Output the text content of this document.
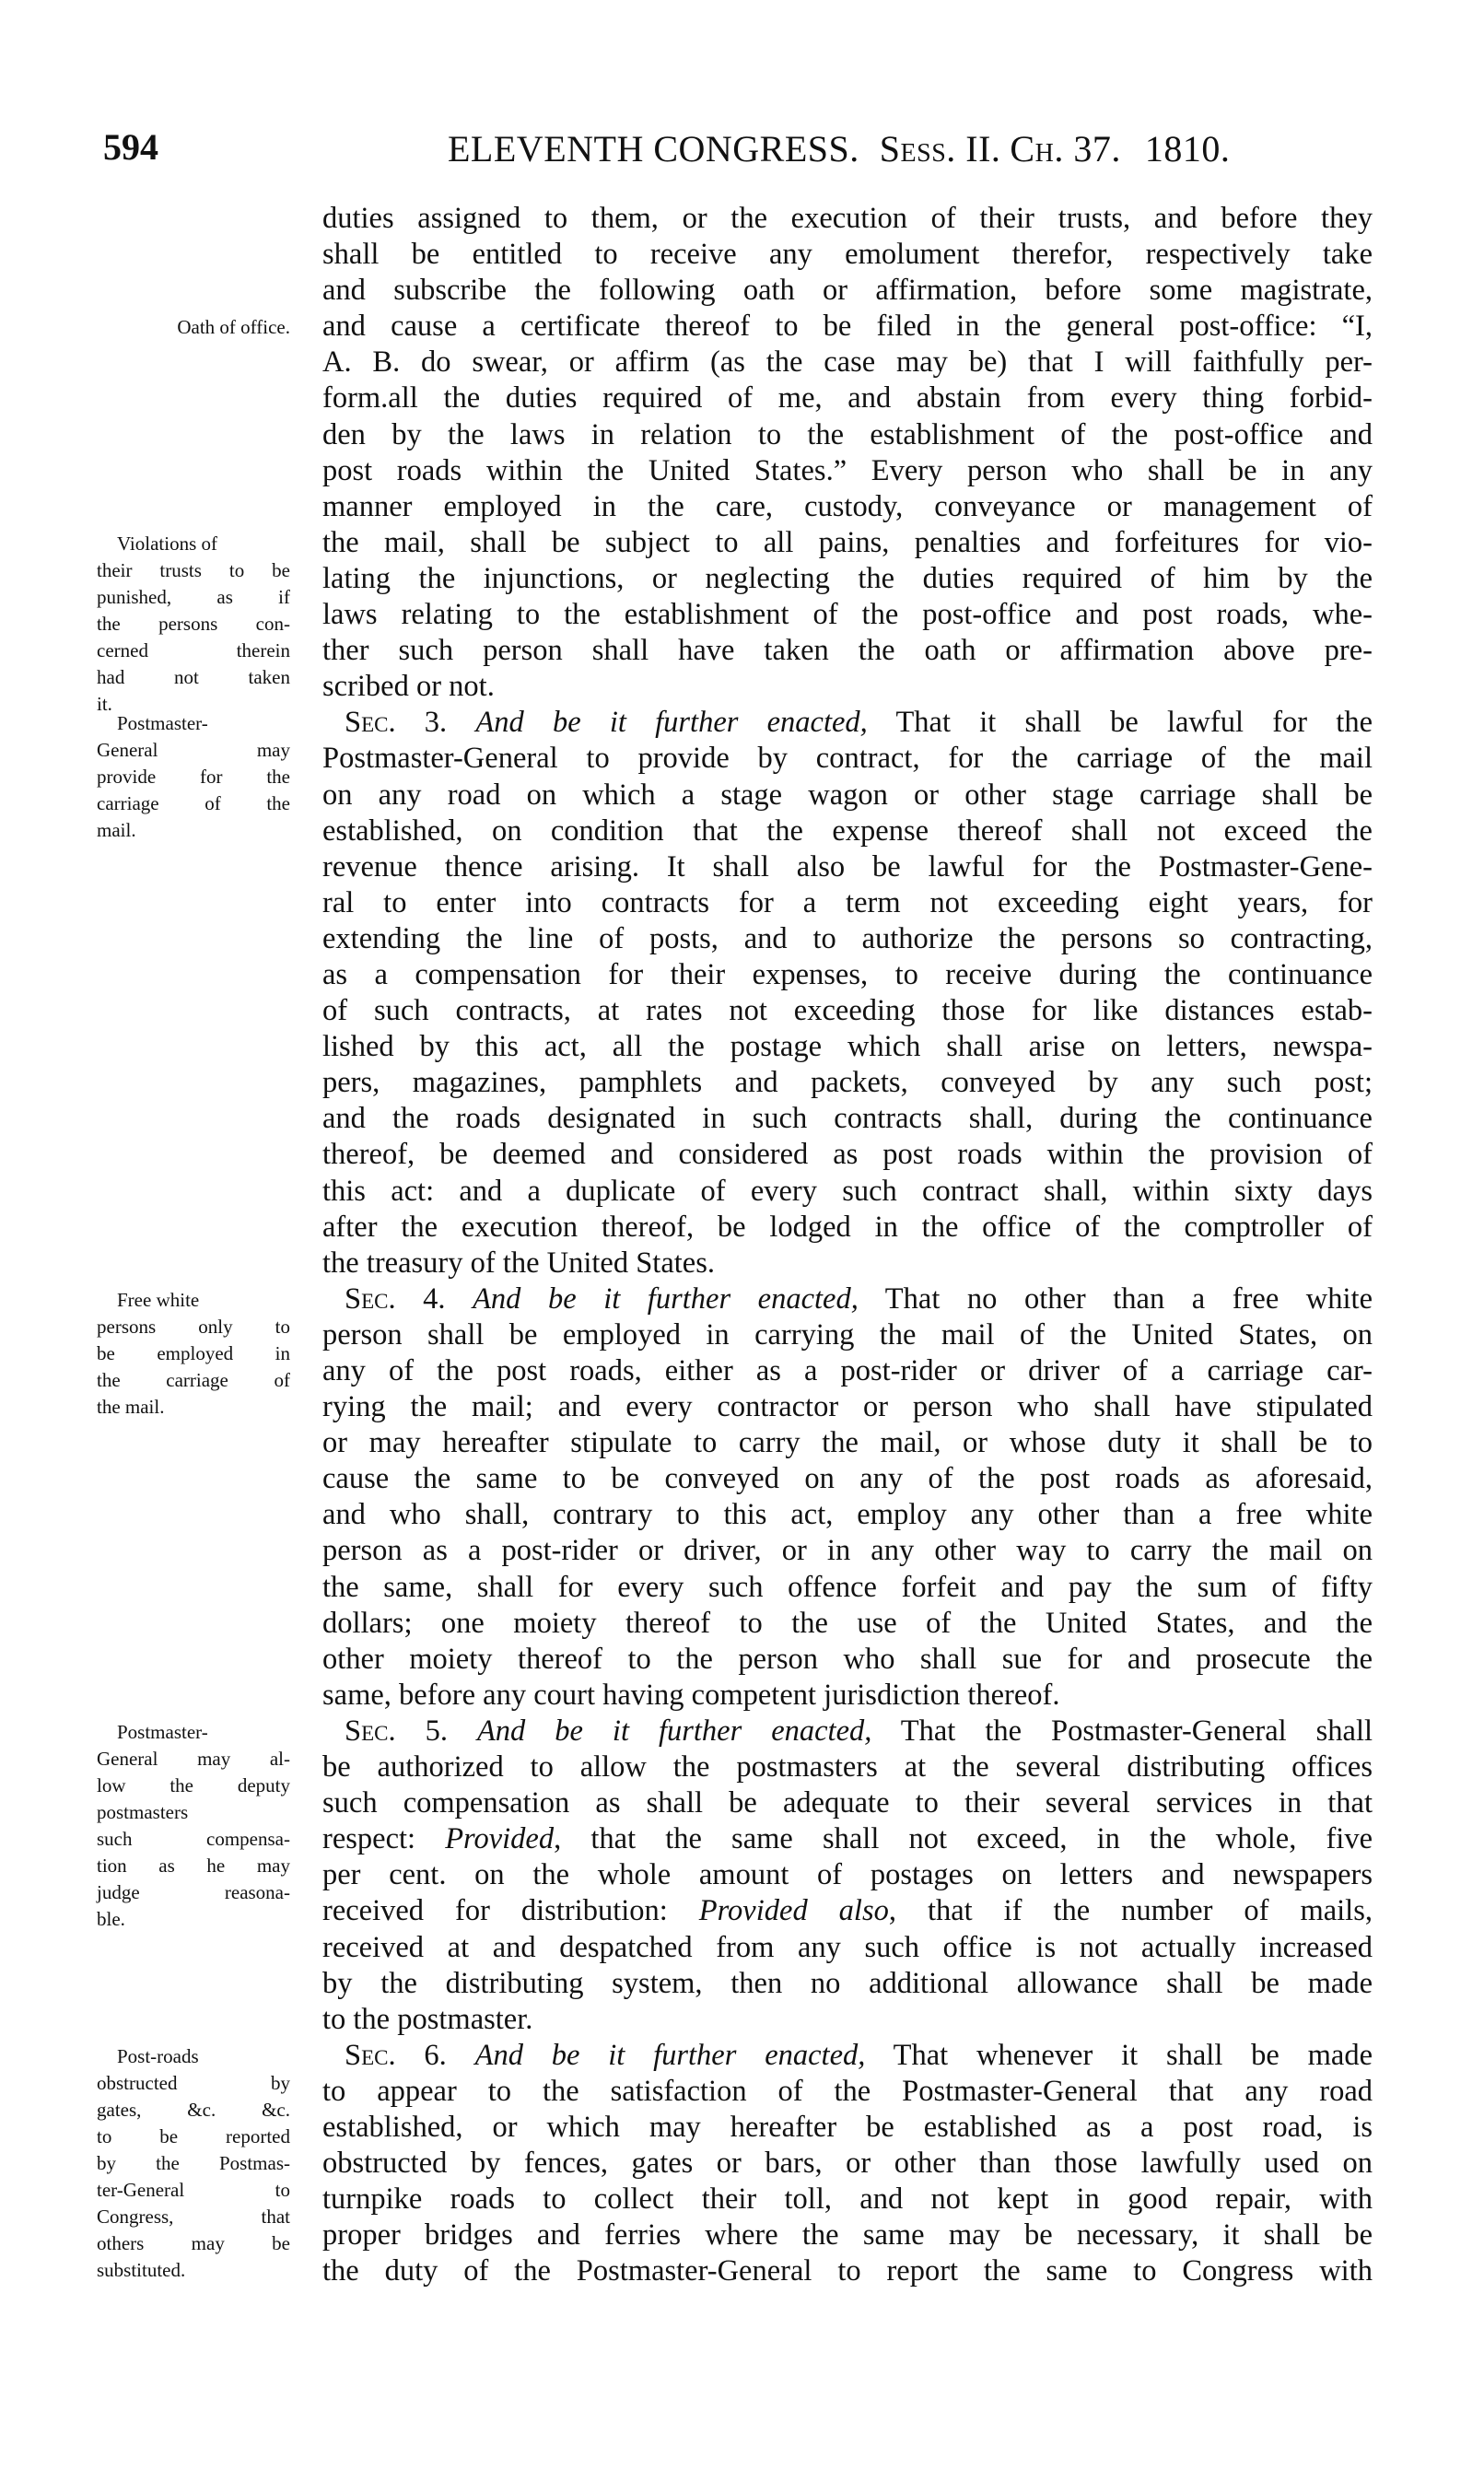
594	ELEVENTH CONGRESS. Sess. II. Ch. 37. 1810.
Oath of office.
Violations of
their trusts to be
punished, as if
the persons con-
cerned therein
had not taken
it.
Postmaster-
General may
provide for the
carriage of the
mail.
Free white
persons only to
be employed in
the carriage of
the mail.
Postmaster-
General may al-
low the deputy
postmasters
such compensa-
tion as he may
judge reasona-
ble.
Post-roads
obstructed by
gates, &c. &c.
to be reported
by the Postmas-
ter-General to
Congress, that
others may be
substituted.
duties assigned to them, or the execution of their trusts, and before they
shall be entitled to receive any emolument therefor, respectively take
and subscribe the following oath or affirmation, before some magistrate,
and cause a certificate thereof to be filed in the general post-office: “I,
A. B. do swear, or affirm (as the case may be) that I will faithfully per-
form.all the duties required of me, and abstain from every thing forbid-
den by the laws in relation to the establishment of the post-office and
post roads within the United States.” Every person who shall be in any
manner employed in the care, custody, conveyance or management of
the mail, shall be subject to all pains, penalties and forfeitures for vio-
lating the injunctions, or neglecting the duties required of him by the
laws relating to the establishment of the post-office and post roads, whe-
ther such person shall have taken the oath or affirmation above pre-
scribed or not.
Sec. 3. And be it further enacted, That it shall be lawful for the
Postmaster-General to provide by contract, for the carriage of the mail
on any road on which a stage wagon or other stage carriage shall be
established, on condition that the expense thereof shall not exceed the
revenue thence arising. It shall also be lawful for the Postmaster-Gene-
ral to enter into contracts for a term not exceeding eight years, for
extending the line of posts, and to authorize the persons so contracting,
as a compensation for their expenses, to receive during the continuance
of such contracts, at rates not exceeding those for like distances estab-
lished by this act, all the postage which shall arise on letters, newspa-
pers, magazines, pamphlets and packets, conveyed by any such post;
and the roads designated in such contracts shall, during the continuance
thereof, be deemed and considered as post roads within the provision of
this act: and a duplicate of every such contract shall, within sixty days
after the execution thereof, be lodged in the office of the comptroller of
the treasury of the United States.
Sec. 4. And be it further enacted, That no other than a free white
person shall be employed in carrying the mail of the United States, on
any of the post roads, either as a post-rider or driver of a carriage car-
rying the mail; and every contractor or person who shall have stipulated
or may hereafter stipulate to carry the mail, or whose duty it shall be to
cause the same to be conveyed on any of the post roads as aforesaid,
and who shall, contrary to this act, employ any other than a free white
person as a post-rider or driver, or in any other way to carry the mail on
the same, shall for every such offence forfeit and pay the sum of fifty
dollars; one moiety thereof to the use of the United States, and the
other moiety thereof to the person who shall sue for and prosecute the
same, before any court having competent jurisdiction thereof.
Sec. 5. And be it further enacted, That the Postmaster-General shall
be authorized to allow the postmasters at the several distributing offices
such compensation as shall be adequate to their several services in that
respect: Provided, that the same shall not exceed, in the whole, five
per cent. on the whole amount of postages on letters and newspapers
received for distribution: Provided also, that if the number of mails,
received at and despatched from any such office is not actually increased
by the distributing system, then no additional allowance shall be made
to the postmaster.
Sec. 6. And be it further enacted, That whenever it shall be made
to appear to the satisfaction of the Postmaster-General that any road
established, or which may hereafter be established as a post road, is
obstructed by fences, gates or bars, or other than those lawfully used on
turnpike roads to collect their toll, and not kept in good repair, with
proper bridges and ferries where the same may be necessary, it shall be
the duty of the Postmaster-General to report the same to Congress with
